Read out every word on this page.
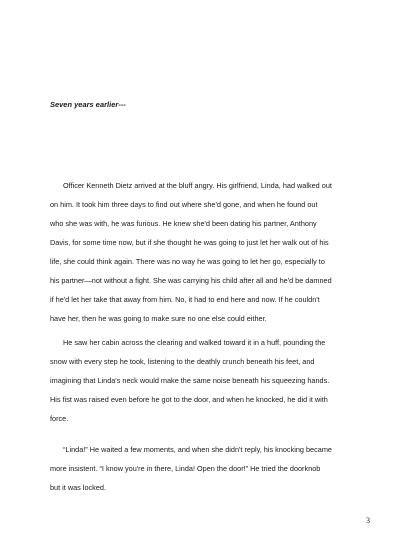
Seven years earlier---
Officer Kenneth Dietz arrived at the bluff angry. His girlfriend, Linda, had walked out
on him. It took him three days to find out where she'd gone, and when he found out
who she was with, he was furious. He knew she'd been dating his partner, Anthony
Davis, for some time now, but if she thought he was going to just let her walk out of his
life, she could think again. There was no way he was going to let her go, especially to
his partner—not without a fight. She was carrying his child after all and he'd be damned
if he'd let her take that away from him. No, it had to end here and now. If he couldn't
have her, then he was going to make sure no one else could either.
He saw her cabin across the clearing and walked toward it in a huff, pounding the
snow with every step he took, listening to the deathly crunch beneath his feet, and
imagining that Linda's neck would make the same noise beneath his squeezing hands.
His fist was raised even before he got to the door, and when he knocked, he did it with
force.
“Linda!” He waited a few moments, and when she didn't reply, his knocking became
more insistent. “I know you're in there, Linda! Open the door!” He tried the doorknob
but it was locked.
3
